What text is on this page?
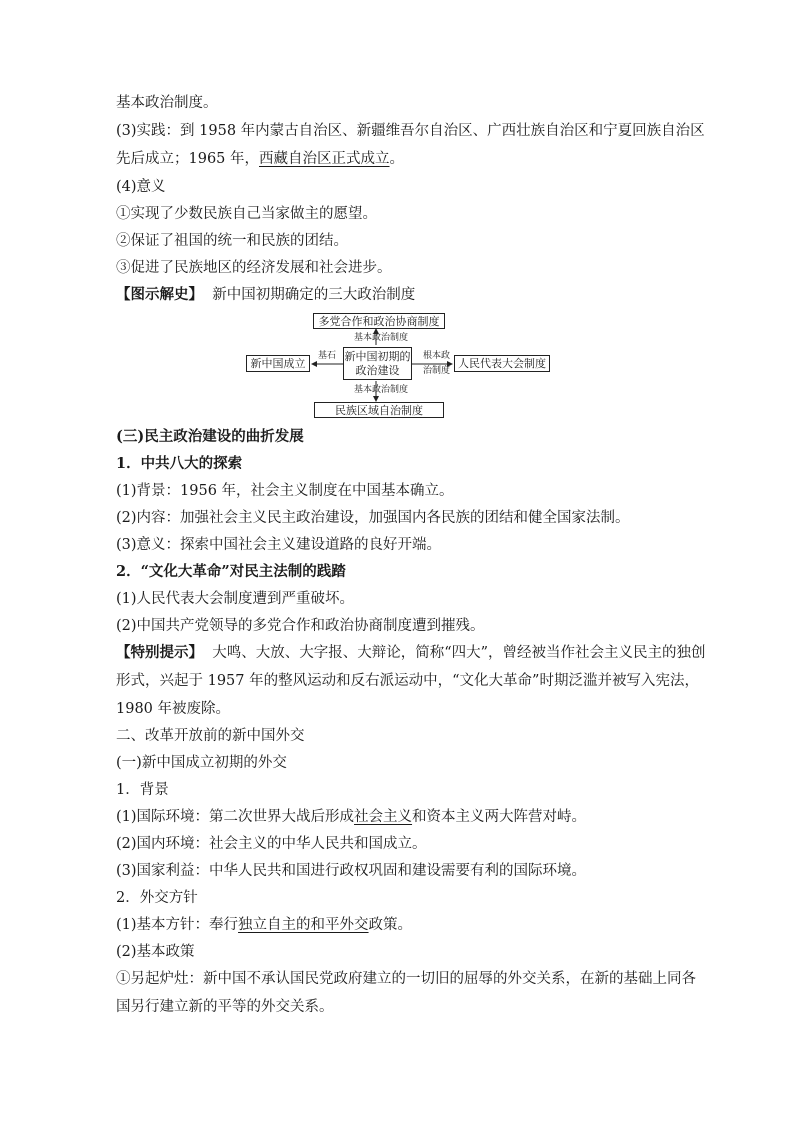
基本政治制度。
(3)实践：到 1958 年内蒙古自治区、新疆维吾尔自治区、广西壮族自治区和宁夏回族自治区
先后成立；1965 年，西藏自治区正式成立。
(4)意义
①实现了少数民族自己当家做主的愿望。
②保证了祖国的统一和民族的团结。
③促进了民族地区的经济发展和社会进步。
【图示解史】 新中国初期确定的三大政治制度
多党合作和政治协商制度
民族区域自治制度
新中国成立	人民代表大会制度
新中国初期的
政治建设
基本政治制度
基本政治制度
基石	根本政
治制度
(三)民主政治建设的曲折发展
1．中共八大的探索
(1)背景：1956 年，社会主义制度在中国基本确立。
(2)内容：加强社会主义民主政治建设，加强国内各民族的团结和健全国家法制。
(3)意义：探索中国社会主义建设道路的良好开端。
2．“文化大革命”对民主法制的践踏
(1)人民代表大会制度遭到严重破坏。
(2)中国共产党领导的多党合作和政治协商制度遭到摧残。
【特别提示】 大鸣、大放、大字报、大辩论，简称“四大”，曾经被当作社会主义民主的独创
形式，兴起于 1957 年的整风运动和反右派运动中，“文化大革命”时期泛滥并被写入宪法，
1980 年被废除。
二、改革开放前的新中国外交
(一)新中国成立初期的外交
1．背景
(1)国际环境：第二次世界大战后形成社会主义和资本主义两大阵营对峙。
(2)国内环境：社会主义的中华人民共和国成立。
(3)国家利益：中华人民共和国进行政权巩固和建设需要有利的国际环境。
2．外交方针
(1)基本方针：奉行独立自主的和平外交政策。
(2)基本政策
①另起炉灶：新中国不承认国民党政府建立的一切旧的屈辱的外交关系，在新的基础上同各
国另行建立新的平等的外交关系。
